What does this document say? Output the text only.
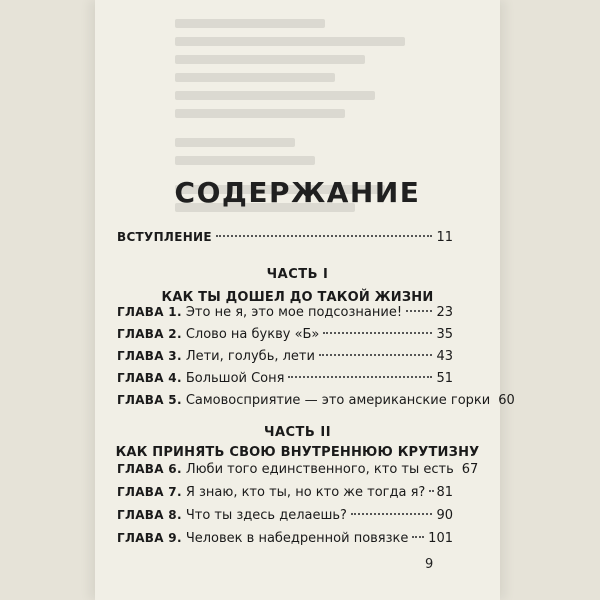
СОДЕРЖАНИЕ
ВСТУПЛЕНИЕ	11
ЧАСТЬ I
КАК ТЫ ДОШЕЛ ДО ТАКОЙ ЖИЗНИ
ГЛАВА 1. Это не я, это мое подсознание!	23
ГЛАВА 2. Слово на букву «Б»	35
ГЛАВА 3. Лети, голубь, лети	43
ГЛАВА 4. Большой Соня	51
ГЛАВА 5. Самовосприятие — это американские горки 60
ЧАСТЬ II
КАК ПРИНЯТЬ СВОЮ ВНУТРЕННЮЮ КРУТИЗНУ
ГЛАВА 6. Люби того единственного, кто ты есть 67
ГЛАВА 7. Я знаю, кто ты, но кто же тогда я? 81
ГЛАВА 8. Что ты здесь делаешь?	90
ГЛАВА 9. Человек в набедренной повязке 101
9
